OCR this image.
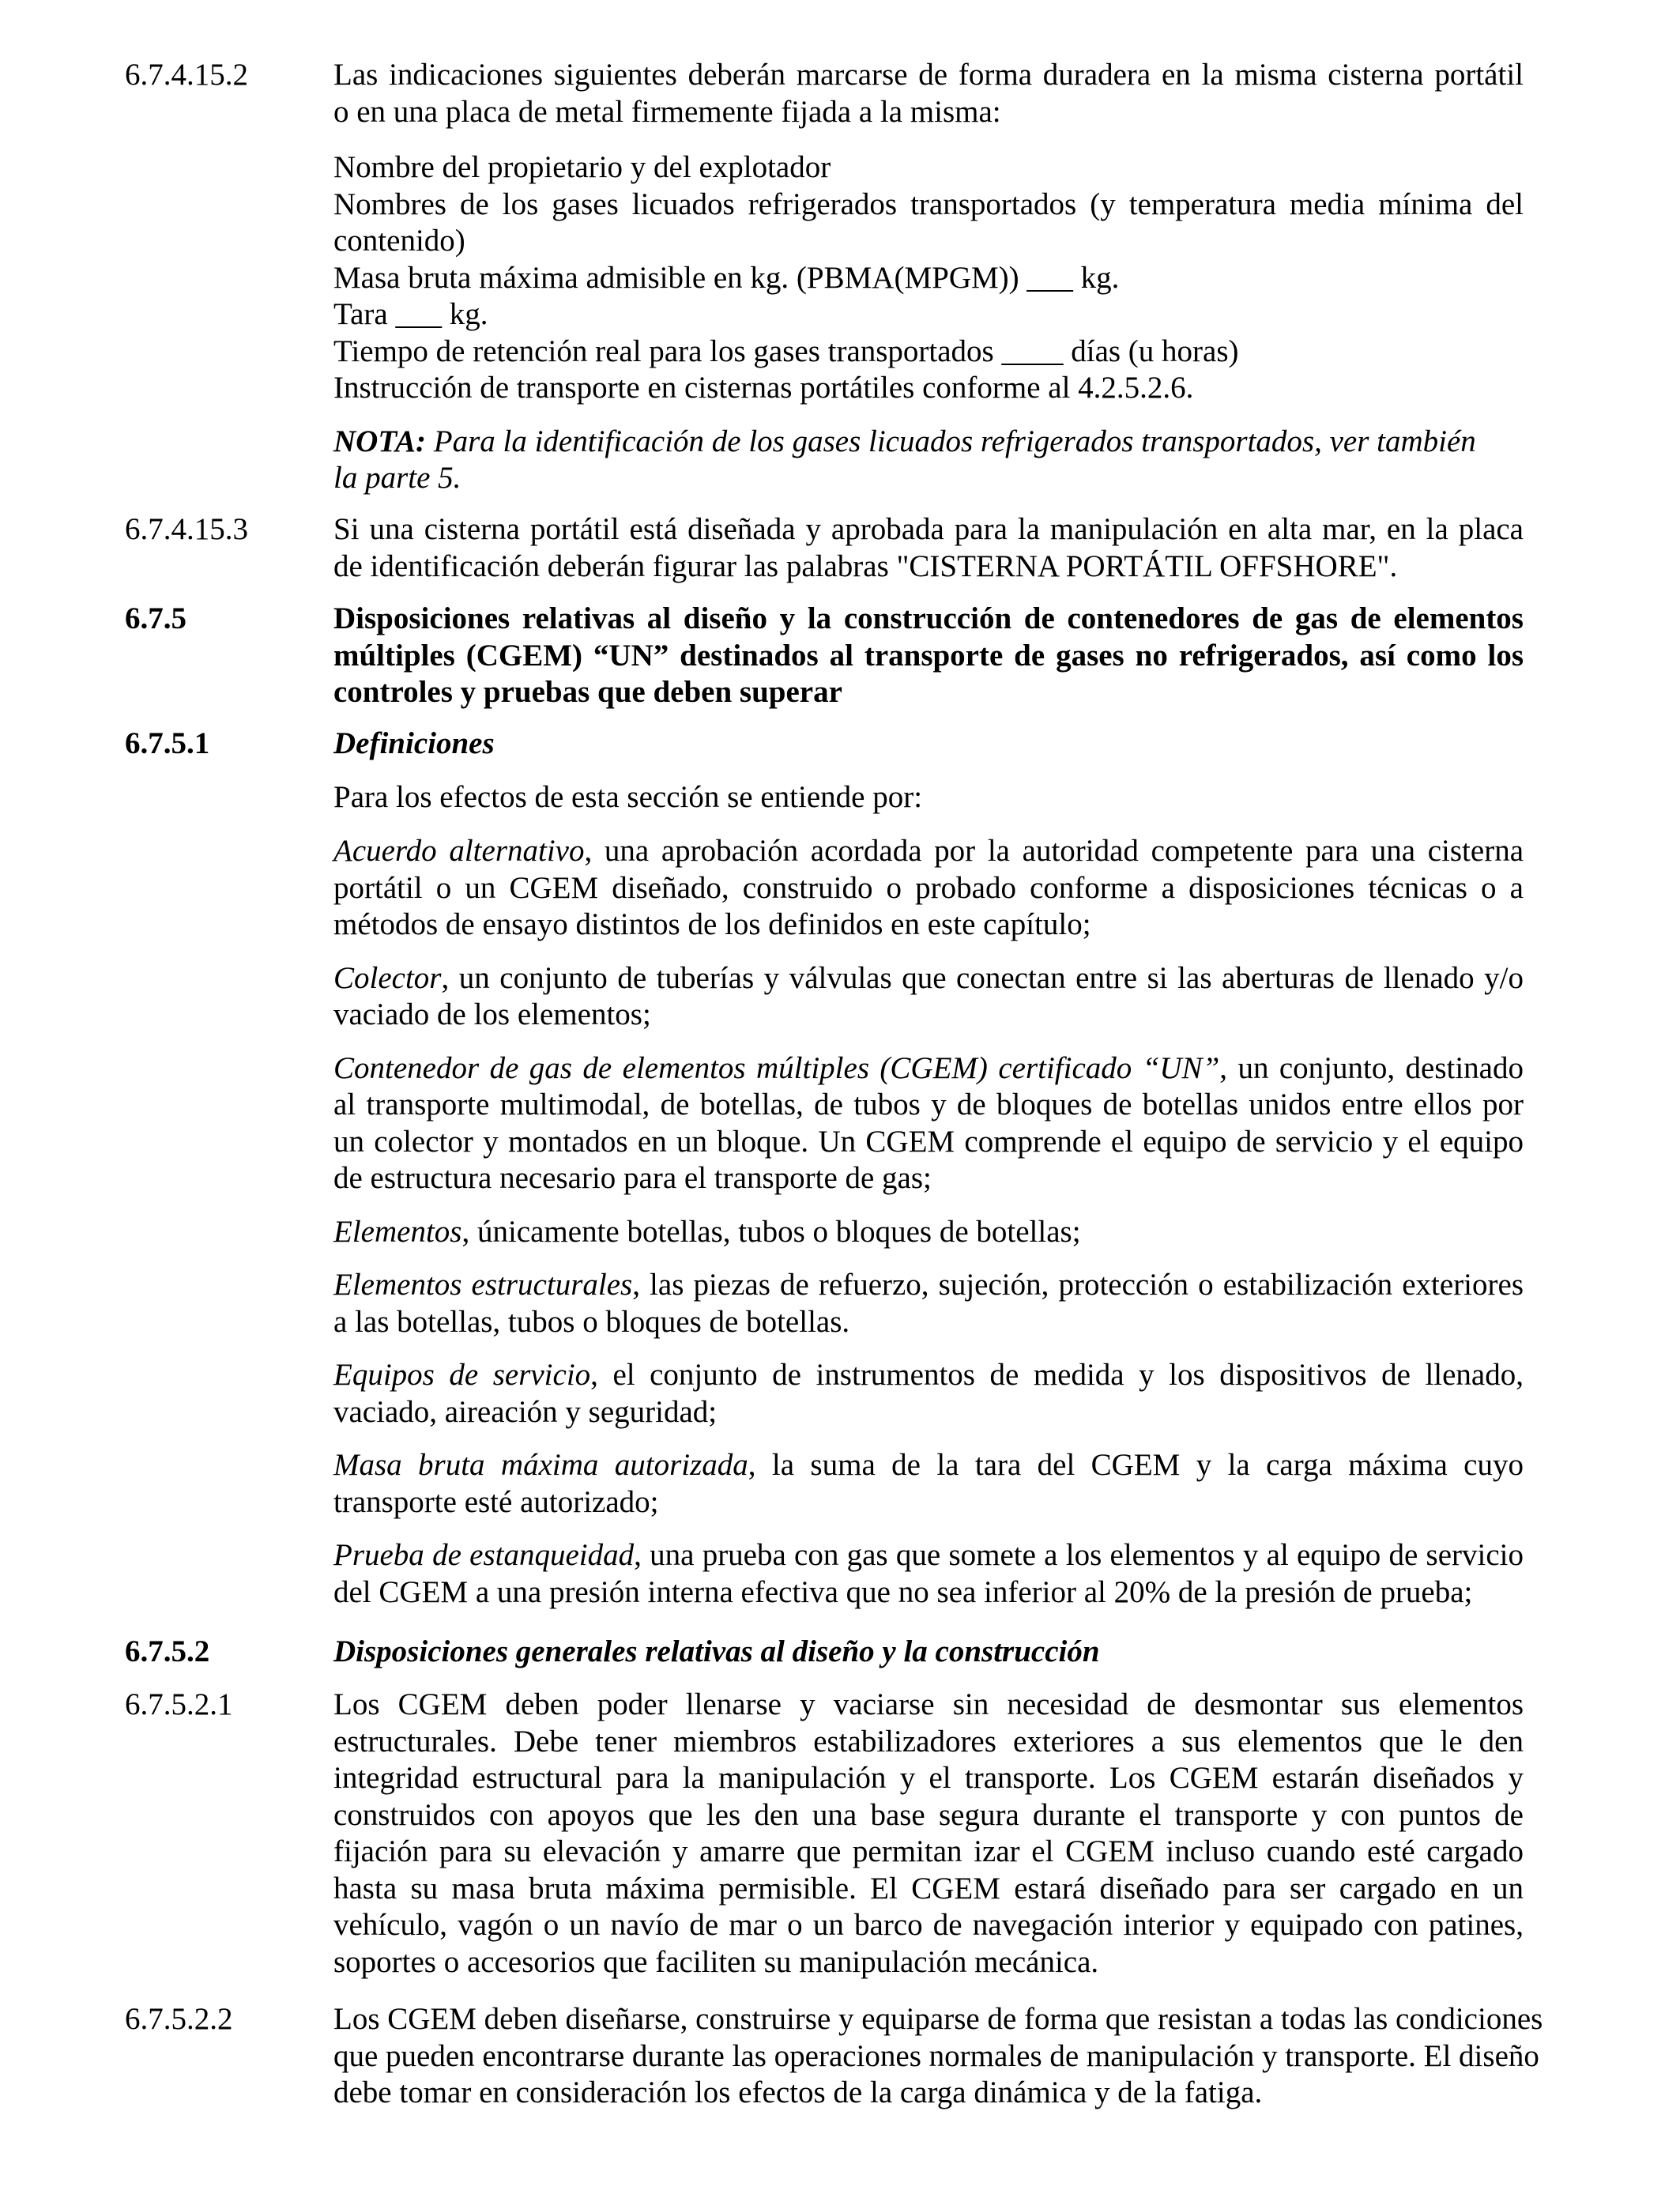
6.7.4.15.2	Las indicaciones siguientes deberán marcarse de forma duradera en la misma cisterna portátil
o en una placa de metal firmemente fijada a la misma:
Nombre del propietario y del explotador
Nombres de los gases licuados refrigerados transportados (y temperatura media mínima del
contenido)
Masa bruta máxima admisible en kg. (PBMA(MPGM)) ___ kg.
Tara ___ kg.
Tiempo de retención real para los gases transportados ____ días (u horas)
Instrucción de transporte en cisternas portátiles conforme al 4.2.5.2.6.
NOTA: Para la identificación de los gases licuados refrigerados transportados, ver también
la parte 5.
6.7.4.15.3	Si una cisterna portátil está diseñada y aprobada para la manipulación en alta mar, en la placa
de identificación deberán figurar las palabras "CISTERNA PORTÁTIL OFFSHORE".
6.7.5	Disposiciones relativas al diseño y la construcción de contenedores de gas de elementos
múltiples (CGEM) “UN” destinados al transporte de gases no refrigerados, así como los
controles y pruebas que deben superar
6.7.5.1	Definiciones
Para los efectos de esta sección se entiende por:
Acuerdo alternativo, una aprobación acordada por la autoridad competente para una cisterna
portátil o un CGEM diseñado, construido o probado conforme a disposiciones técnicas o a
métodos de ensayo distintos de los definidos en este capítulo;
Colector, un conjunto de tuberías y válvulas que conectan entre si las aberturas de llenado y/o
vaciado de los elementos;
Contenedor de gas de elementos múltiples (CGEM) certificado “UN”, un conjunto, destinado
al transporte multimodal, de botellas, de tubos y de bloques de botellas unidos entre ellos por
un colector y montados en un bloque. Un CGEM comprende el equipo de servicio y el equipo
de estructura necesario para el transporte de gas;
Elementos, únicamente botellas, tubos o bloques de botellas;
Elementos estructurales, las piezas de refuerzo, sujeción, protección o estabilización exteriores
a las botellas, tubos o bloques de botellas.
Equipos de servicio, el conjunto de instrumentos de medida y los dispositivos de llenado,
vaciado, aireación y seguridad;
Masa bruta máxima autorizada, la suma de la tara del CGEM y la carga máxima cuyo
transporte esté autorizado;
Prueba de estanqueidad, una prueba con gas que somete a los elementos y al equipo de servicio
del CGEM a una presión interna efectiva que no sea inferior al 20% de la presión de prueba;
6.7.5.2	Disposiciones generales relativas al diseño y la construcción
6.7.5.2.1	Los CGEM deben poder llenarse y vaciarse sin necesidad de desmontar sus elementos
estructurales. Debe tener miembros estabilizadores exteriores a sus elementos que le den
integridad estructural para la manipulación y el transporte. Los CGEM estarán diseñados y
construidos con apoyos que les den una base segura durante el transporte y con puntos de
fijación para su elevación y amarre que permitan izar el CGEM incluso cuando esté cargado
hasta su masa bruta máxima permisible. El CGEM estará diseñado para ser cargado en un
vehículo, vagón o un navío de mar o un barco de navegación interior y equipado con patines,
soportes o accesorios que faciliten su manipulación mecánica.
6.7.5.2.2	Los CGEM deben diseñarse, construirse y equiparse de forma que resistan a todas las condiciones
que pueden encontrarse durante las operaciones normales de manipulación y transporte. El diseño
debe tomar en consideración los efectos de la carga dinámica y de la fatiga.
